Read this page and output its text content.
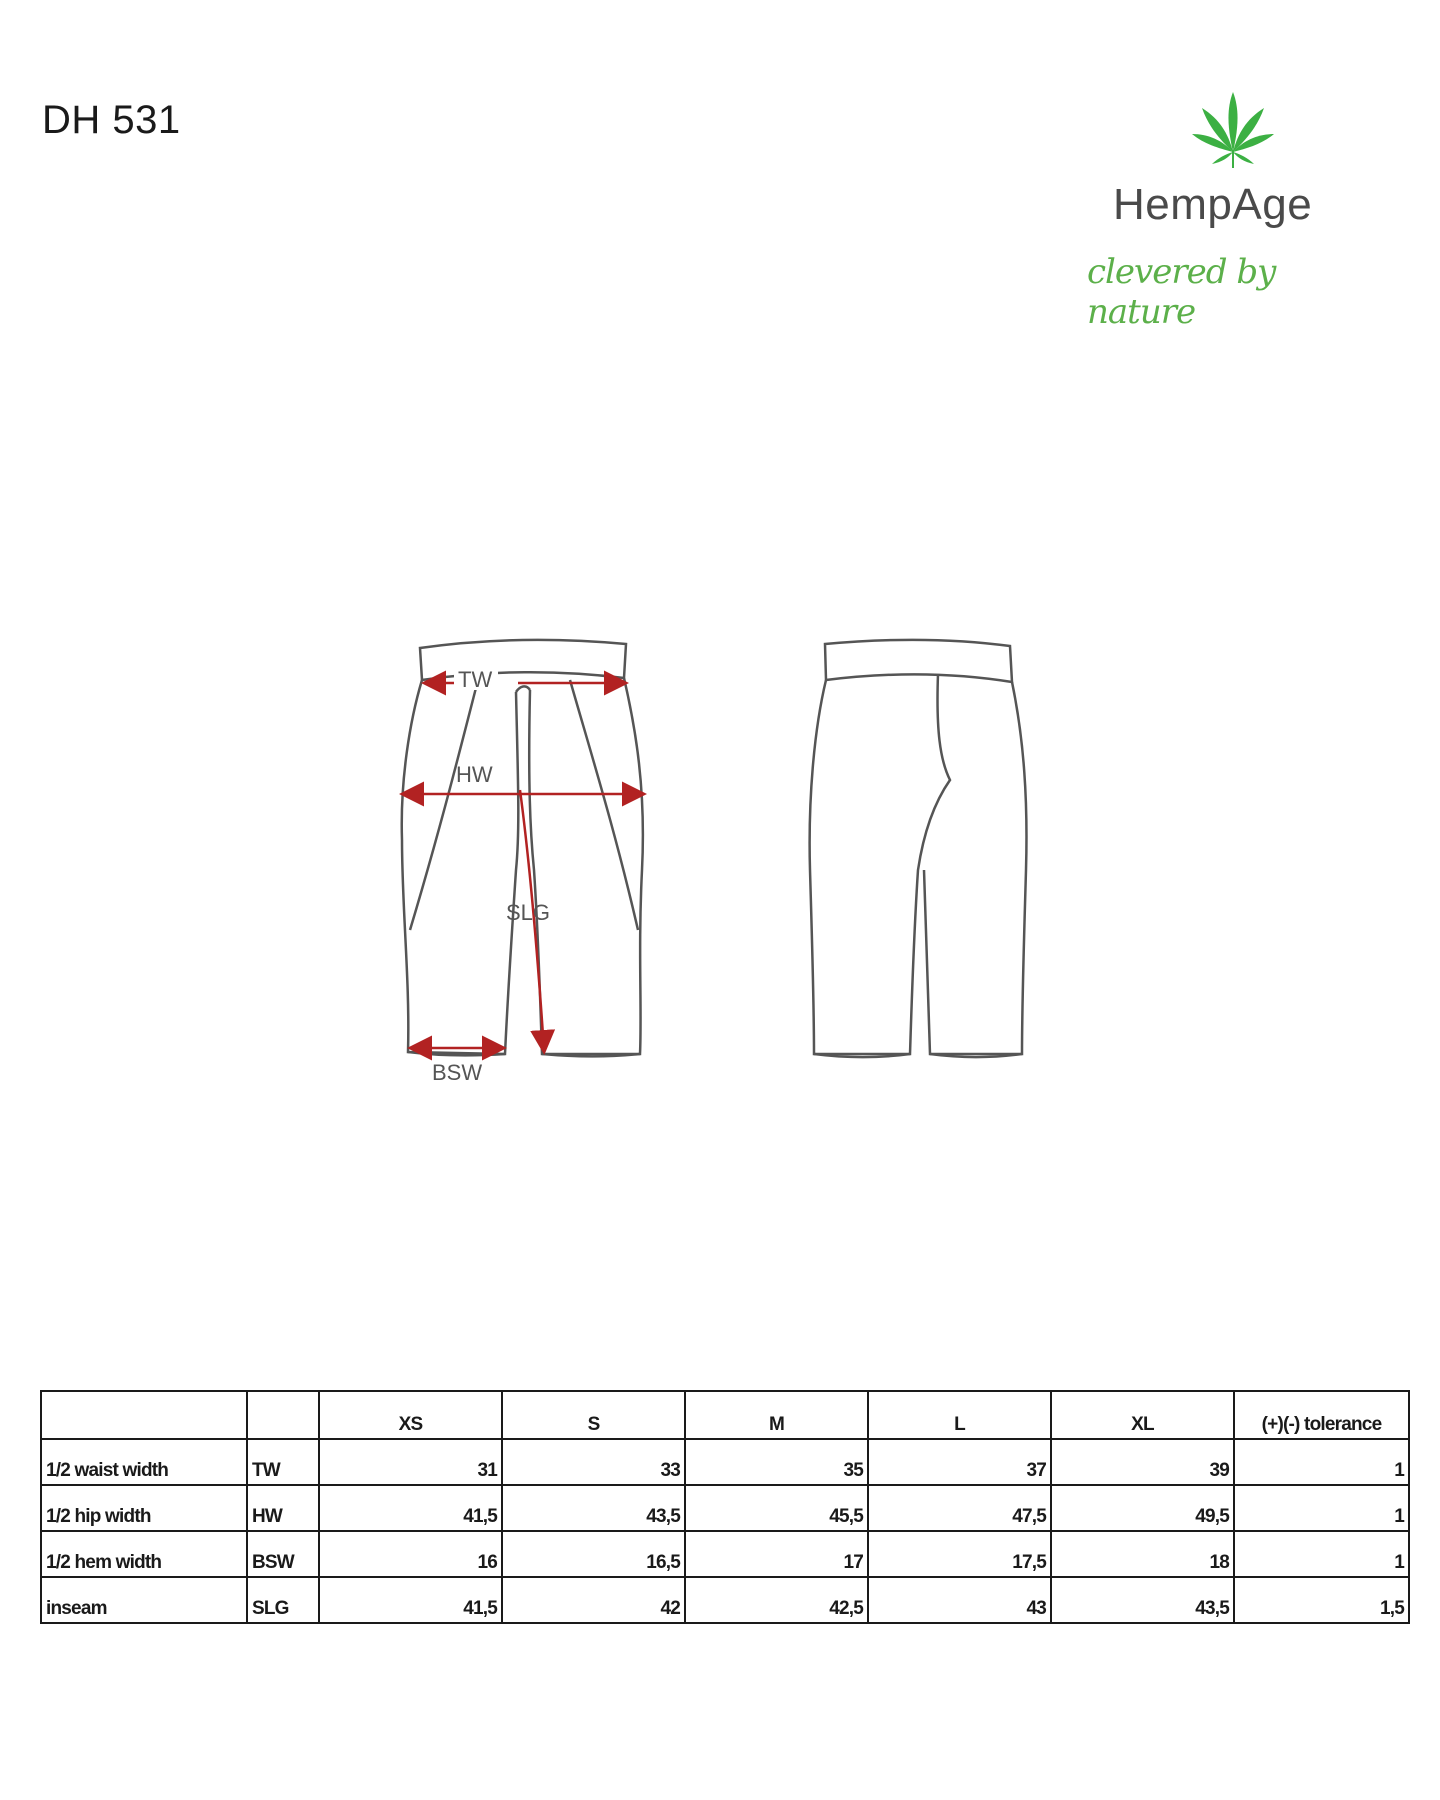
DH 531
HempAge
clevered by nature
TW
HW
SLG
BSW
		XS	S	M	L	XL	(+)(-) tolerance
1/2 waist width	TW	31	33	35	37	39	1
1/2 hip width	HW	41,5	43,5	45,5	47,5	49,5	1
1/2 hem width	BSW	16	16,5	17	17,5	18	1
inseam	SLG	41,5	42	42,5	43	43,5	1,5
